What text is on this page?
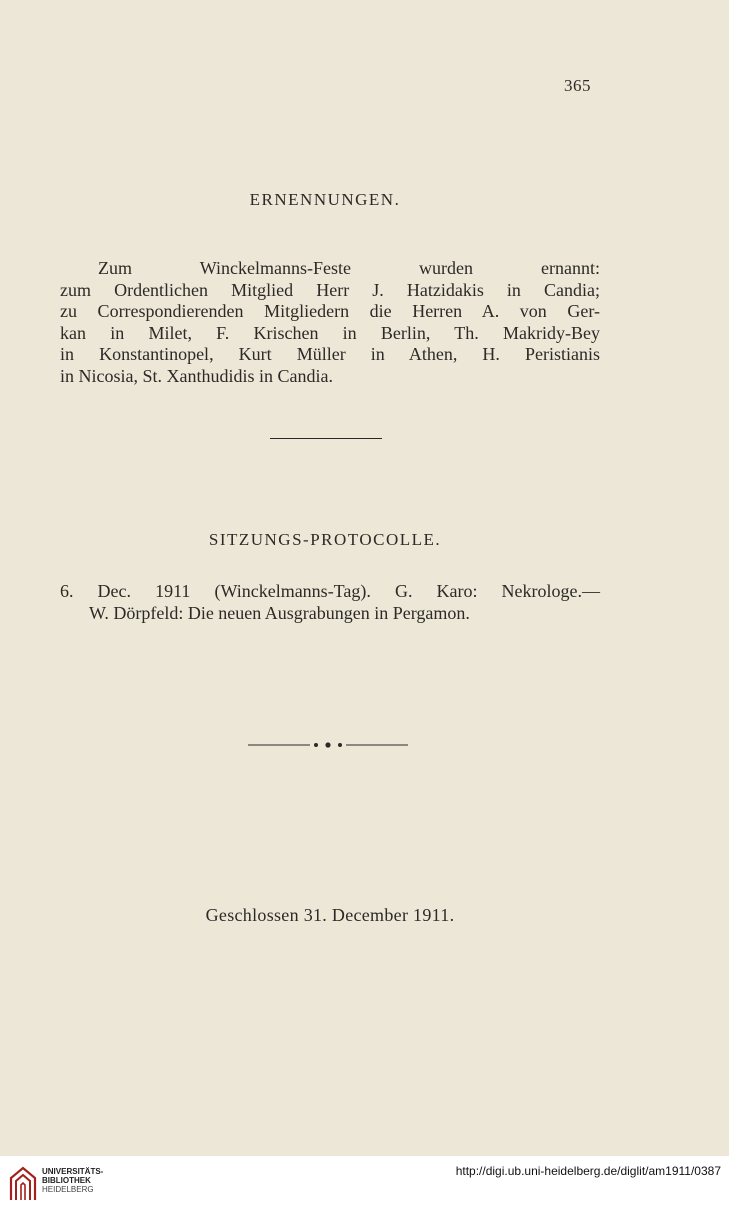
365
ERNENNUNGEN.
Zum Winckelmanns-Feste wurden ernannt:
zum Ordentlichen Mitglied Herr J. Hatzidakis in Candia;
zu Correspondierenden Mitgliedern die Herren A. von Ger-
kan in Milet, F. Krischen in Berlin, Th. Makridy-Bey
in Konstantinopel, Kurt Müller in Athen, H. Peristianis
in Nicosia, St. Xanthudidis in Candia.
SITZUNGS-PROTOCOLLE.
6. Dec. 1911 (Winckelmanns-Tag). G. Karo: Nekrologe.—
W. Dörpfeld: Die neuen Ausgrabungen in Pergamon.
Geschlossen 31. December 1911.
UNIVERSITÄTS-
BIBLIOTHEK
HEIDELBERG
http://digi.ub.uni-heidelberg.de/diglit/am1911/0387
